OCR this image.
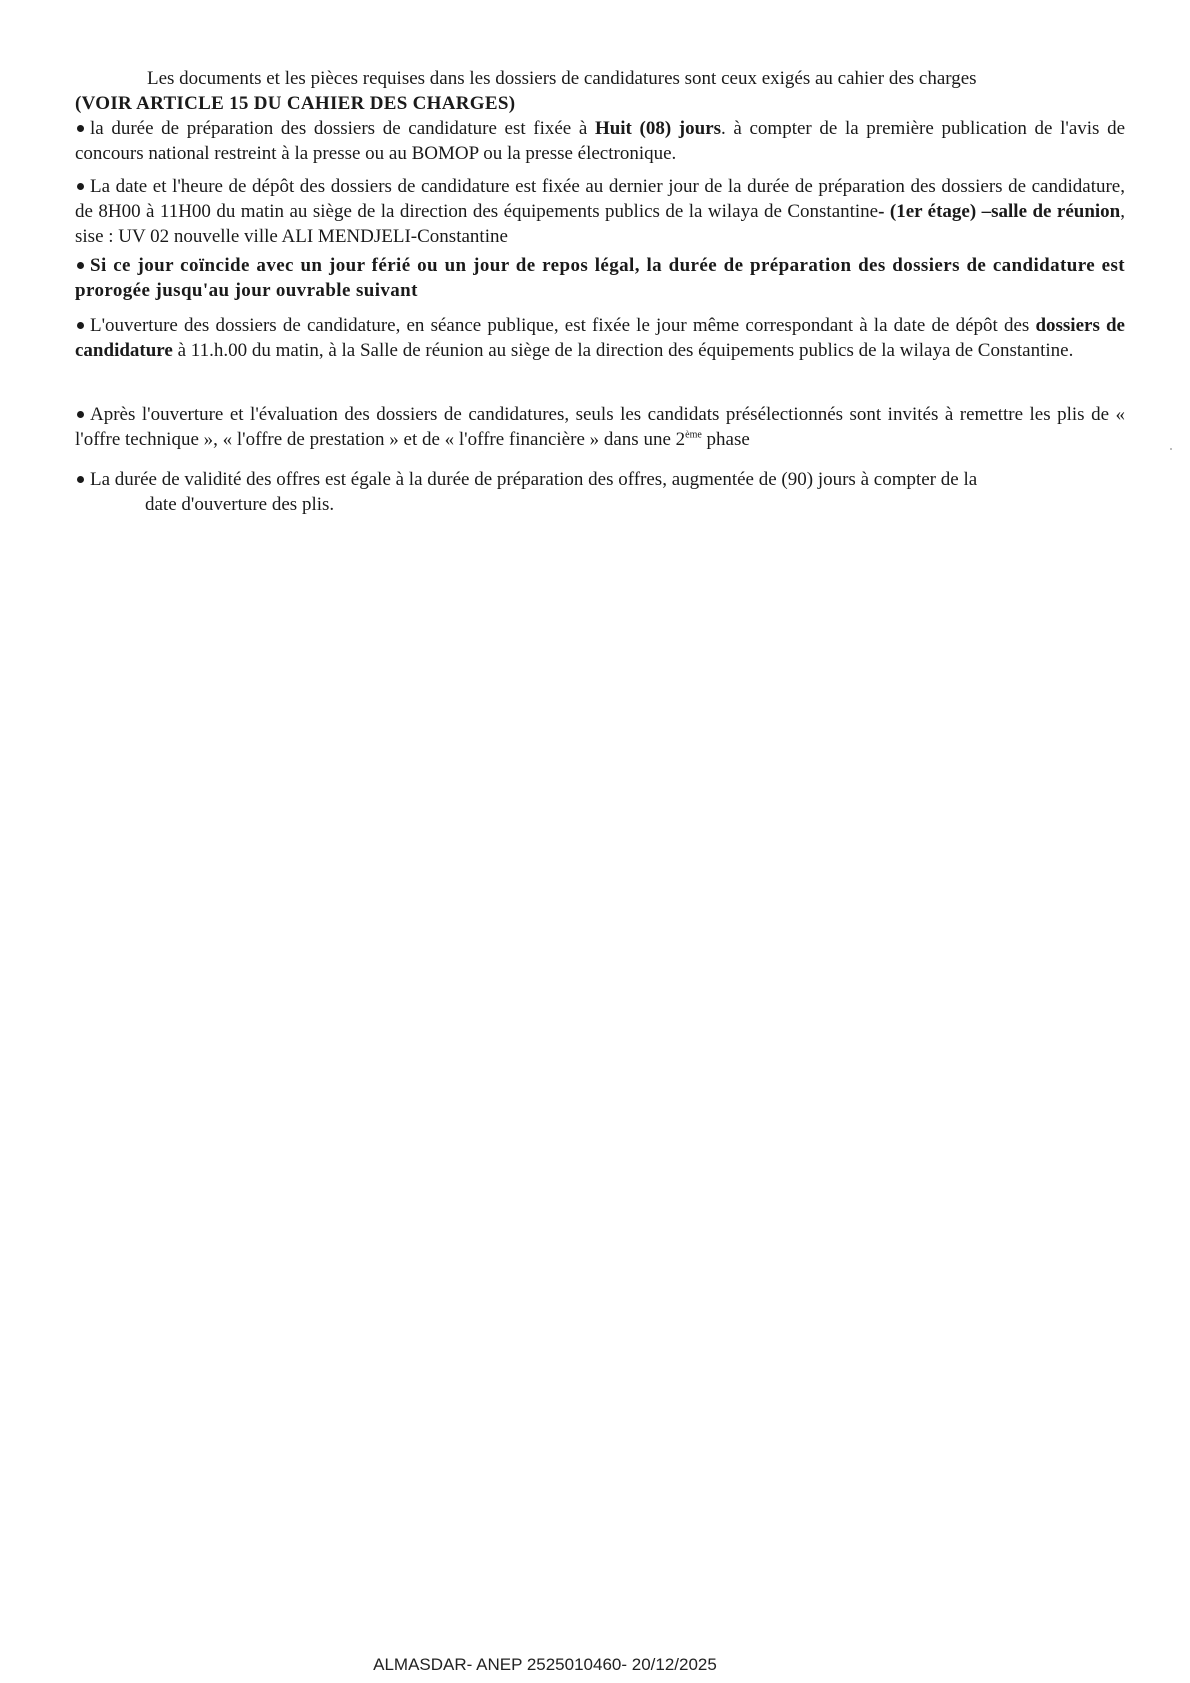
Les documents et les pièces requises dans les dossiers de candidatures sont ceux exigés au cahier des charges
(VOIR ARTICLE 15 DU CAHIER DES CHARGES)
la durée de préparation des dossiers de candidature est fixée à Huit (08) jours. à compter de la première publication de l'avis de concours national restreint à la presse ou au BOMOP ou la presse électronique.
La date et l'heure de dépôt des dossiers de candidature est fixée au dernier jour de la durée de préparation des dossiers de candidature, de 8H00 à 11H00 du matin au siège de la direction des équipements publics de la wilaya de Constantine- (1er étage) –salle de réunion, sise : UV 02 nouvelle ville ALI MENDJELI-Constantine
Si ce jour coïncide avec un jour férié ou un jour de repos légal, la durée de préparation des dossiers de candidature est prorogée jusqu'au jour ouvrable suivant
L'ouverture des dossiers de candidature, en séance publique, est fixée le jour même correspondant à la date de dépôt des dossiers de candidature à 11.h.00 du matin, à la Salle de réunion au siège de la direction des équipements publics de la wilaya de Constantine.
Après l'ouverture et l'évaluation des dossiers de candidatures, seuls les candidats présélectionnés sont invités à remettre les plis de « l'offre technique », « l'offre de prestation » et de « l'offre financière » dans une 2ème phase
La durée de validité des offres est égale à la durée de préparation des offres, augmentée de (90) jours à compter de la
date d'ouverture des plis.
ALMASDAR- ANEP 2525010460- 20/12/2025
